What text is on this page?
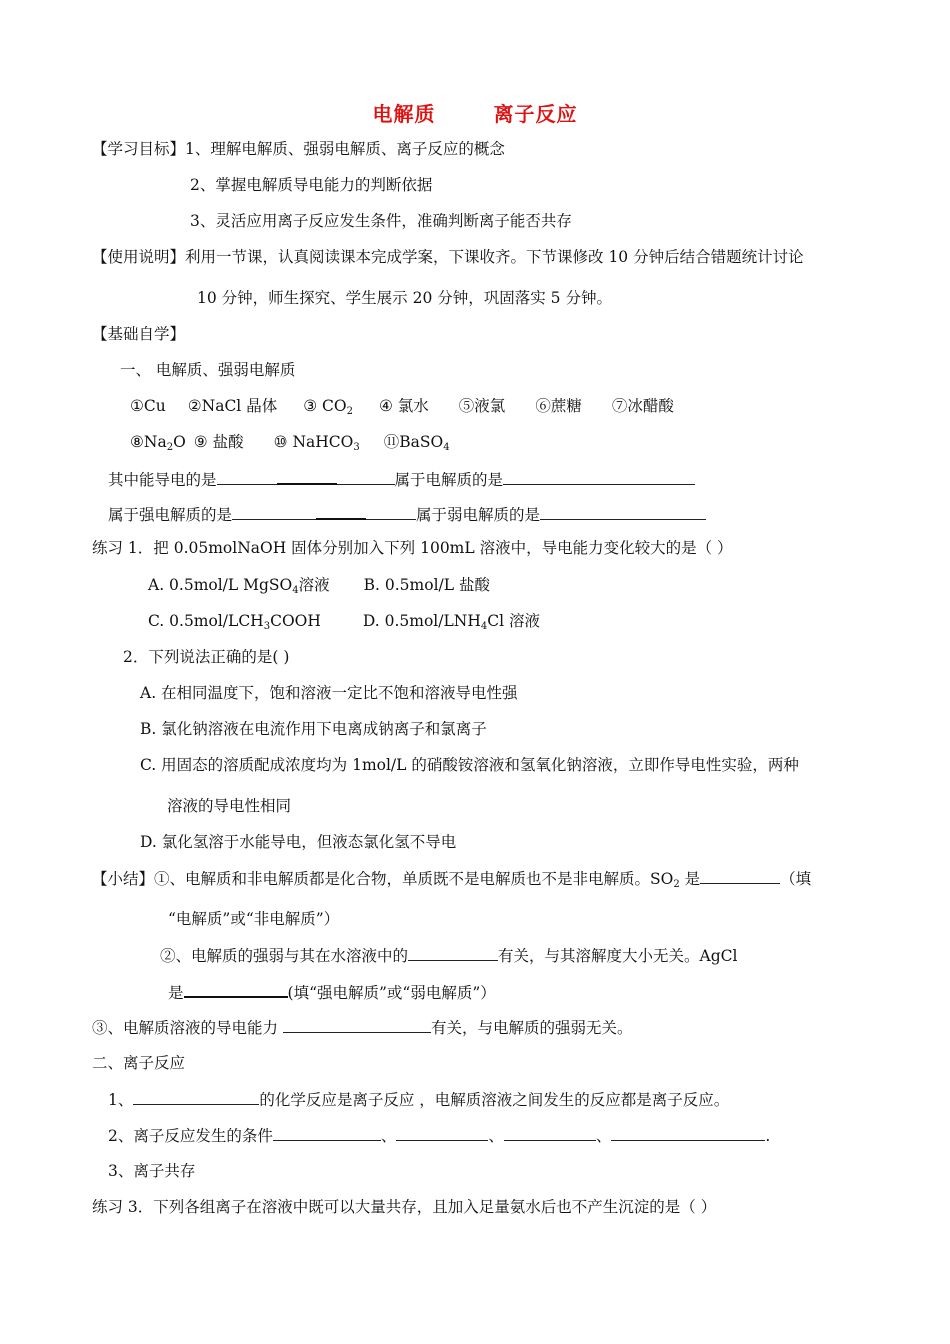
电解质	离子反应
【学习目标】1、理解电解质、强弱电解质、离子反应的概念
2、掌握电解质导电能力的判断依据
3、灵活应用离子反应发生条件，准确判断离子能否共存
【使用说明】利用一节课，认真阅读课本完成学案，下课收齐。下节课修改 10 分钟后结合错题统计讨论
10 分钟，师生探究、学生展示 20 分钟，巩固落实 5 分钟。
【基础自学】
一、 电解质、强弱电解质
①Cu ②NaCl 晶体 ③ $CO_2$ ④ 氯水 ⑤液氯 ⑥蔗糖 ⑦冰醋酸
$⑧Na_2O$ ⑨ 盐酸 ⑩ NaHCO$_3$ ⑪BaSO$_4$
其中能导电的是	属于电解质的是
属于强电解质的是	属于弱电解质的是
练习 1．把 0.05molNaOH 固体分别加入下列 100mL 溶液中，导电能力变化较大的是（ ）
A. 0.5mol/L MgSO$_4$溶液 B. 0.5mol/L 盐酸
C. $0.5mol/LCH_3COOH$	D. $0.5mol/LNH_4Cl$ 溶液
2．下列说法正确的是( )
A. 在相同温度下，饱和溶液一定比不饱和溶液导电性强
B. 氯化钠溶液在电流作用下电离成钠离子和氯离子
C. 用固态的溶质配成浓度均为 1mol/L 的硝酸铵溶液和氢氧化钠溶液，立即作导电性实验，两种
溶液的导电性相同
D. 氯化氢溶于水能导电，但液态氯化氢不导电
【小结】①、电解质和非电解质都是化合物，单质既不是电解质也不是非电解质。$SO_2$ 是	（填
“电解质”或“非电解质”）
②、电解质的强弱与其在水溶液中的	有关，与其溶解度大小无关。AgCl
是	(填“强电解质”或“弱电解质”）
③、电解质溶液的导电能力	有关，与电解质的强弱无关。
二、离子反应
1、	的化学反应是离子反应 ，电解质溶液之间发生的反应都是离子反应。
2、离子反应发生的条件	、	、	、	.
3、离子共存
练习 3．下列各组离子在溶液中既可以大量共存，且加入足量氨水后也不产生沉淀的是（ ）
